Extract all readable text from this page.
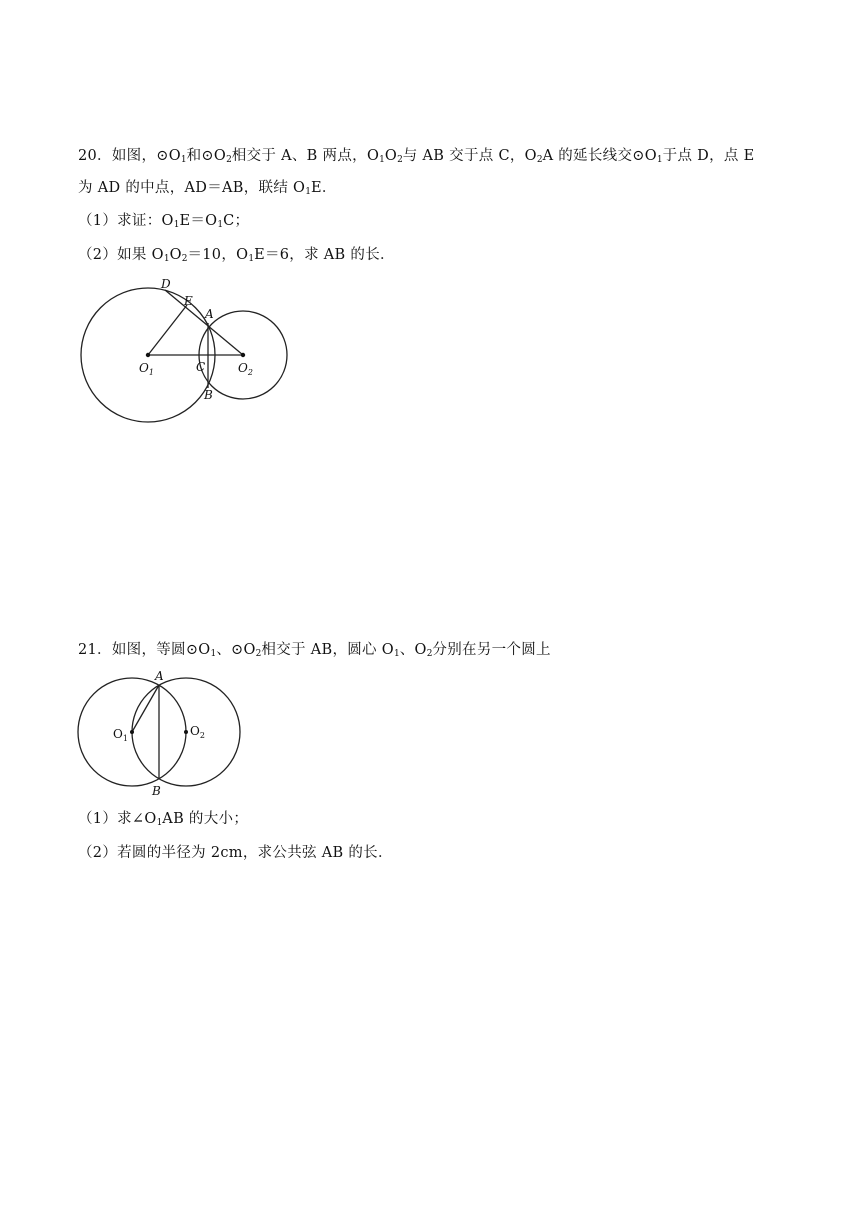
20．如图，$⊙O_1$和$⊙O_2$相交于 A、B 两点，$O_1O_2$与 AB 交于点 C，$O_2A$ 的延长线交$⊙O_1$于点 D，点 E
为 AD 的中点，AD＝AB，联结 $O_1E$．
（1）求证：$O_1E=O_1C$；
（2）如果 $O_1O_2=10$，$O_1E=6$，求 AB 的长．
D
E
A
C
B
$O_1$	$O_2$
21．如图，等圆$⊙O_1$、$⊙O_2$相交于 AB，圆心 $O_1$、$O_2$分别在另一个圆上
A
B
$O_1$
$O_2$
（1）求$\angle O_1AB$ 的大小；
（2）若圆的半径为 2cm，求公共弦 AB 的长．
